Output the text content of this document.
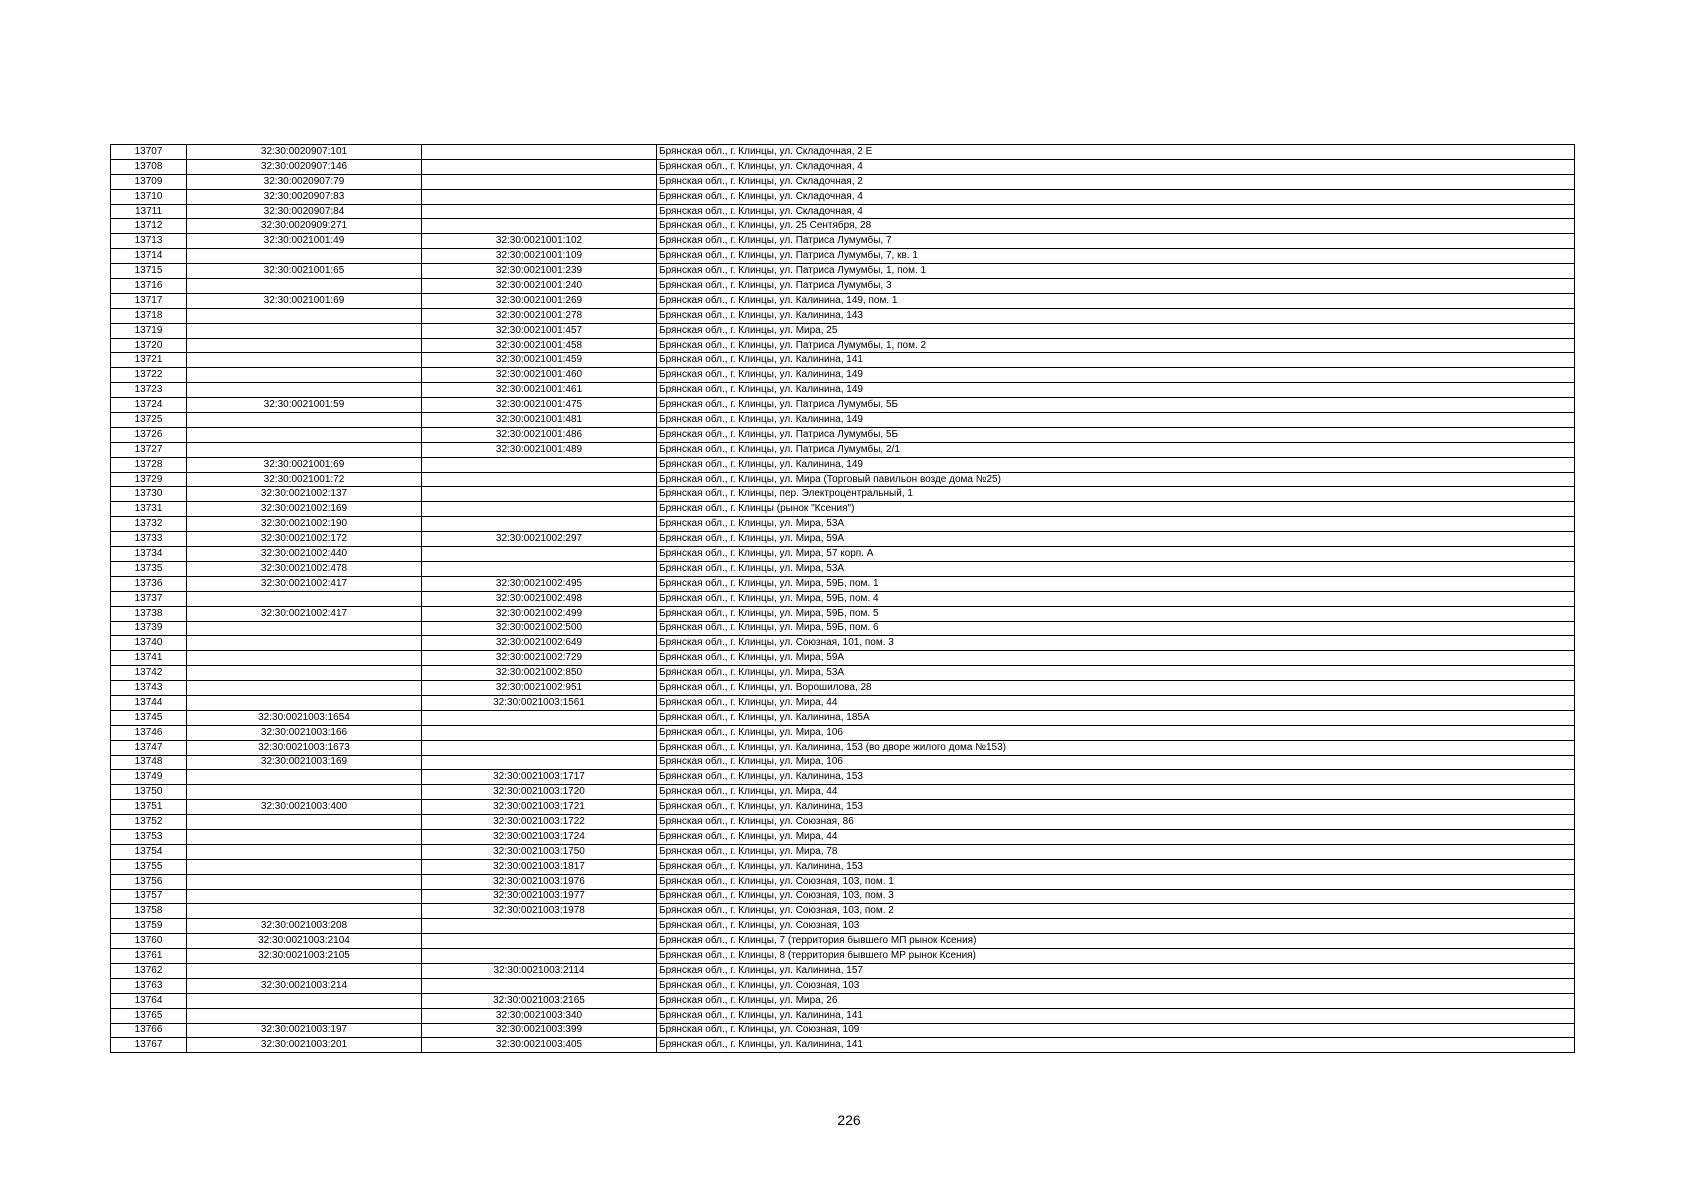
13707	32:30:0020907:101		Брянская обл., г. Клинцы, ул. Складочная, 2 Е
13708	32:30:0020907:146		Брянская обл., г. Клинцы, ул. Складочная, 4
13709	32:30:0020907:79		Брянская обл., г. Клинцы, ул. Складочная, 2
13710	32:30:0020907:83		Брянская обл., г. Клинцы, ул. Складочная, 4
13711	32:30:0020907:84		Брянская обл., г. Клинцы, ул. Складочная, 4
13712	32:30:0020909:271		Брянская обл., г. Клинцы, ул. 25 Сентября, 28
13713	32:30:0021001:49	32:30:0021001:102	Брянская обл., г. Клинцы, ул. Патриса Лумумбы, 7
13714		32:30:0021001:109	Брянская обл., г. Клинцы, ул. Патриса Лумумбы, 7, кв. 1
13715	32:30:0021001:65	32:30:0021001:239	Брянская обл., г. Клинцы, ул. Патриса Лумумбы, 1, пом. 1
13716		32:30:0021001:240	Брянская обл., г. Клинцы, ул. Патриса Лумумбы, 3
13717	32:30:0021001:69	32:30:0021001:269	Брянская обл., г. Клинцы, ул. Калинина, 149, пом. 1
13718		32:30:0021001:278	Брянская обл., г. Клинцы, ул. Калинина, 143
13719		32:30:0021001:457	Брянская обл., г. Клинцы, ул. Мира, 25
13720		32:30:0021001:458	Брянская обл., г. Клинцы, ул. Патриса Лумумбы, 1, пом. 2
13721		32:30:0021001:459	Брянская обл., г. Клинцы, ул. Калинина, 141
13722		32:30:0021001:460	Брянская обл., г. Клинцы, ул. Калинина, 149
13723		32:30:0021001:461	Брянская обл., г. Клинцы, ул. Калинина, 149
13724	32:30:0021001:59	32:30:0021001:475	Брянская обл., г. Клинцы, ул. Патриса Лумумбы, 5Б
13725		32:30:0021001:481	Брянская обл., г. Клинцы, ул. Калинина, 149
13726		32:30:0021001:486	Брянская обл., г. Клинцы, ул. Патриса Лумумбы, 5Б
13727		32:30:0021001:489	Брянская обл., г. Клинцы, ул. Патриса Лумумбы, 2/1
13728	32:30:0021001:69		Брянская обл., г. Клинцы, ул. Калинина, 149
13729	32:30:0021001:72		Брянская обл., г. Клинцы, ул. Мира (Торговый павильон возде дома №25)
13730	32:30:0021002:137		Брянская обл., г. Клинцы, пер. Электроцентральный, 1
13731	32:30:0021002:169		Брянская обл., г. Клинцы (рынок "Ксения")
13732	32:30:0021002:190		Брянская обл., г. Клинцы, ул. Мира, 53А
13733	32:30:0021002:172	32:30:0021002:297	Брянская обл., г. Клинцы, ул. Мира, 59А
13734	32:30:0021002:440		Брянская обл., г. Клинцы, ул. Мира, 57 корп. А
13735	32:30:0021002:478		Брянская обл., г. Клинцы, ул. Мира, 53А
13736	32:30:0021002:417	32:30:0021002:495	Брянская обл., г. Клинцы, ул. Мира, 59Б, пом. 1
13737		32:30:0021002:498	Брянская обл., г. Клинцы, ул. Мира, 59Б, пом. 4
13738	32:30:0021002:417	32:30:0021002:499	Брянская обл., г. Клинцы, ул. Мира, 59Б, пом. 5
13739		32:30:0021002:500	Брянская обл., г. Клинцы, ул. Мира, 59Б, пом. 6
13740		32:30:0021002:649	Брянская обл., г. Клинцы, ул. Союзная, 101, пом. 3
13741		32:30:0021002:729	Брянская обл., г. Клинцы, ул. Мира, 59А
13742		32:30:0021002:850	Брянская обл., г. Клинцы, ул. Мира, 53А
13743		32:30:0021002:951	Брянская обл., г. Клинцы, ул. Ворошилова, 28
13744		32:30:0021003:1561	Брянская обл., г. Клинцы, ул. Мира, 44
13745	32:30:0021003:1654		Брянская обл., г. Клинцы, ул. Калинина, 185А
13746	32:30:0021003:166		Брянская обл., г. Клинцы, ул. Мира, 106
13747	32:30:0021003:1673		Брянская обл., г. Клинцы, ул. Калинина, 153 (во дворе жилого дома №153)
13748	32:30:0021003:169		Брянская обл., г. Клинцы, ул. Мира, 106
13749		32:30:0021003:1717	Брянская обл., г. Клинцы, ул. Калинина, 153
13750		32:30:0021003:1720	Брянская обл., г. Клинцы, ул. Мира, 44
13751	32:30:0021003:400	32:30:0021003:1721	Брянская обл., г. Клинцы, ул. Калинина, 153
13752		32:30:0021003:1722	Брянская обл., г. Клинцы, ул. Союзная, 86
13753		32:30:0021003:1724	Брянская обл., г. Клинцы, ул. Мира, 44
13754		32:30:0021003:1750	Брянская обл., г. Клинцы, ул. Мира, 78
13755		32:30:0021003:1817	Брянская обл., г. Клинцы, ул. Калинина, 153
13756		32:30:0021003:1976	Брянская обл., г. Клинцы, ул. Союзная, 103, пом. 1
13757		32:30:0021003:1977	Брянская обл., г. Клинцы, ул. Союзная, 103, пом. 3
13758		32:30:0021003:1978	Брянская обл., г. Клинцы, ул. Союзная, 103, пом. 2
13759	32:30:0021003:208		Брянская обл., г. Клинцы, ул. Союзная, 103
13760	32:30:0021003:2104		Брянская обл., г. Клинцы, 7 (территория бывшего МП рынок Ксения)
13761	32:30:0021003:2105		Брянская обл., г. Клинцы, 8 (территория бывшего МР рынок Ксения)
13762		32:30:0021003:2114	Брянская обл., г. Клинцы, ул. Калинина, 157
13763	32:30:0021003:214		Брянская обл., г. Клинцы, ул. Союзная, 103
13764		32:30:0021003:2165	Брянская обл., г. Клинцы, ул. Мира, 26
13765		32:30:0021003:340	Брянская обл., г. Клинцы, ул. Калинина, 141
13766	32:30:0021003:197	32:30:0021003:399	Брянская обл., г. Клинцы, ул. Союзная, 109
13767	32:30:0021003:201	32:30:0021003:405	Брянская обл., г. Клинцы, ул. Калинина, 141
226
